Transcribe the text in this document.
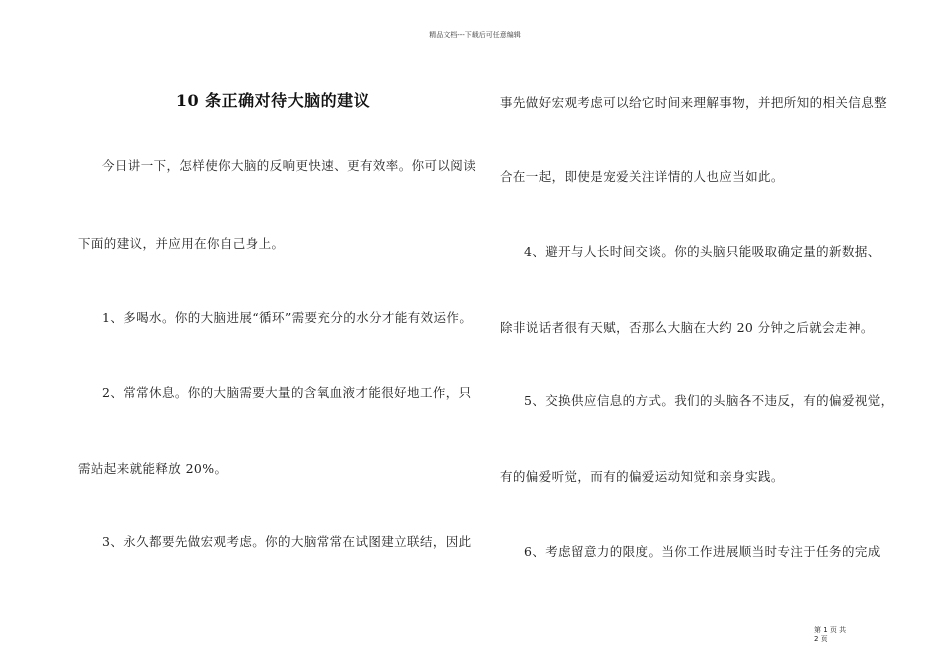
精品文档---下载后可任意编辑
10 条正确对待大脑的建议
今日讲一下，怎样使你大脑的反响更快速、更有效率。你可以阅读
下面的建议，并应用在你自己身上。
1、多喝水。你的大脑进展“循环”需要充分的水分才能有效运作。
2、常常休息。你的大脑需要大量的含氧血液才能很好地工作，只
需站起来就能释放 20%。
3、永久都要先做宏观考虑。你的大脑常常在试图建立联结，因此
事先做好宏观考虑可以给它时间来理解事物，并把所知的相关信息整
合在一起，即使是宠爱关注详情的人也应当如此。
4、避开与人长时间交谈。你的头脑只能吸取确定量的新数据、
除非说话者很有天赋，否那么大脑在大约 20 分钟之后就会走神。
5、交换供应信息的方式。我们的头脑各不违反，有的偏爱视觉，
有的偏爱听觉，而有的偏爱运动知觉和亲身实践。
6、考虑留意力的限度。当你工作进展顺当时专注于任务的完成
第 1 页 共 2 页
